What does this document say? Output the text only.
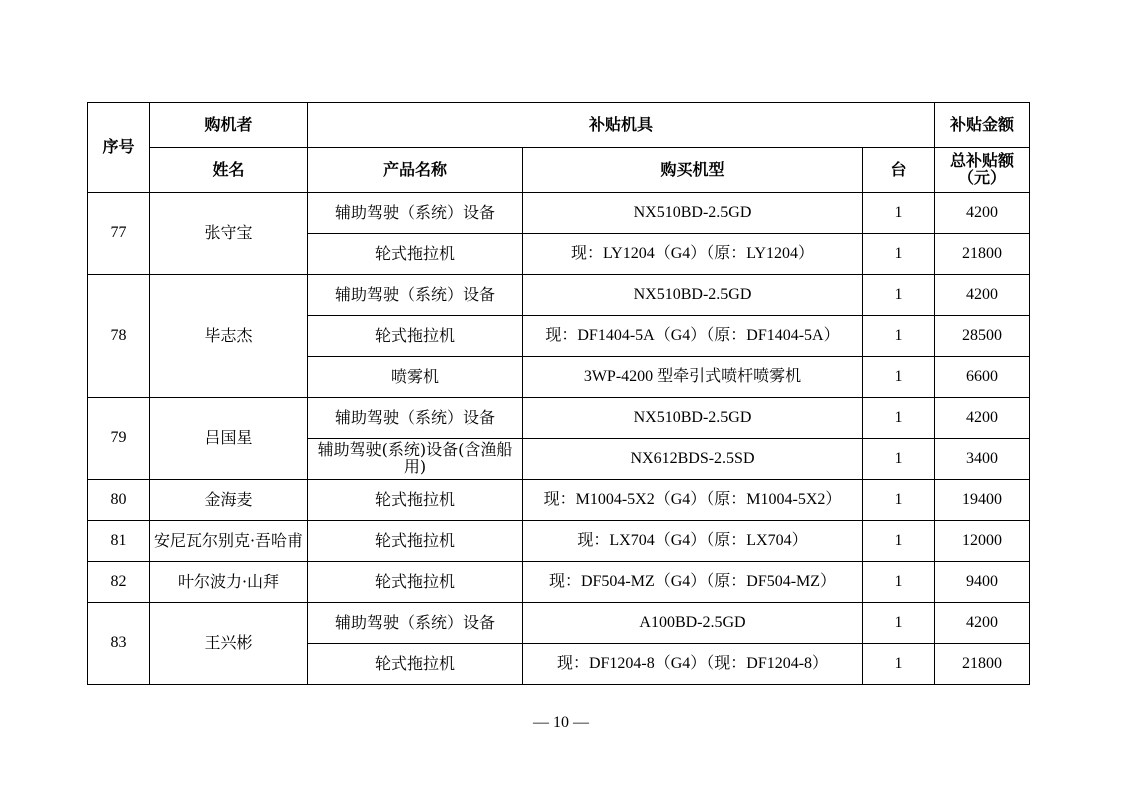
序号	购机者	补贴机具			补贴金额
	姓名	产品名称	购买机型	台	总补贴额
（元）

77	张守宝	辅助驾驶（系统）设备	NX510BD-2.5GD	1	4200
		轮式拖拉机	现：LY1204（G4）（原：LY1204）	1	21800
78	毕志杰	辅助驾驶（系统）设备	NX510BD-2.5GD	1	4200
		轮式拖拉机	现：DF1404-5A（G4）（原：DF1404-5A）	1	28500
		喷雾机	3WP-4200 型牵引式喷杆喷雾机	1	6600
79	吕国星	辅助驾驶（系统）设备	NX510BD-2.5GD	1	4200
		辅助驾驶(系统)设备(含渔船用)	NX612BDS-2.5SD	1	3400
80	金海麦	轮式拖拉机	现：M1004-5X2（G4）（原：M1004-5X2）	1	19400
81	安尼瓦尔别克·吾哈甫	轮式拖拉机	现：LX704（G4）（原：LX704）	1	12000
82	叶尔波力·山拜	轮式拖拉机	现：DF504-MZ（G4）（原：DF504-MZ）	1	9400
83	王兴彬	辅助驾驶（系统）设备	A100BD-2.5GD	1	4200
		轮式拖拉机	现：DF1204-8（G4）（现：DF1204-8）	1	21800
— 10 —
